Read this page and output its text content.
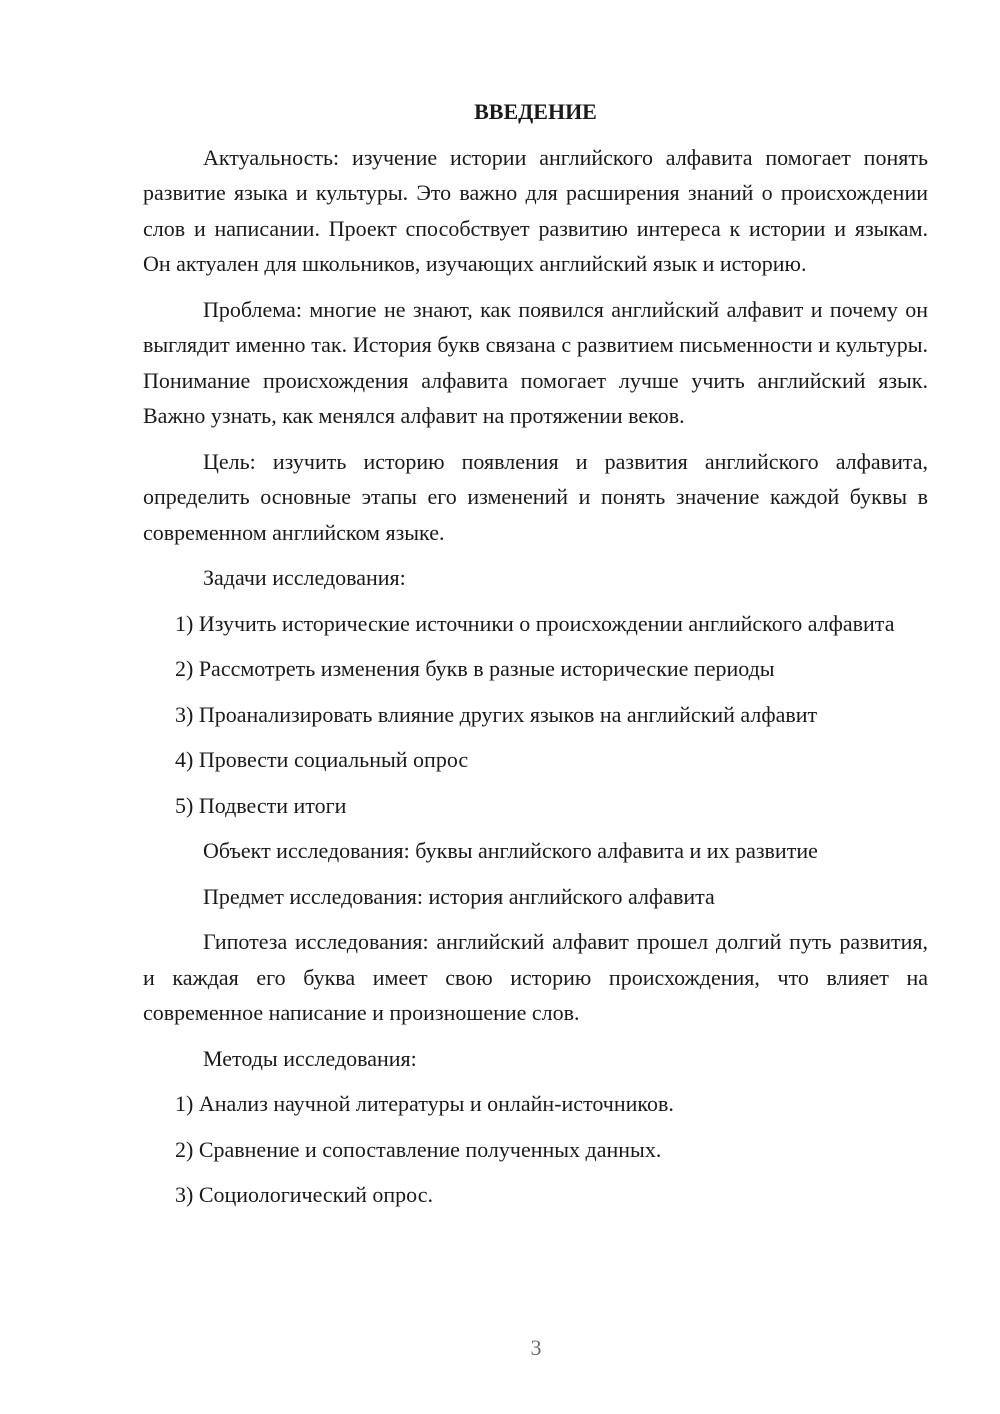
ВВЕДЕНИЕ

Актуальность: изучение истории английского алфавита помогает понять развитие языка и культуры. Это важно для расширения знаний о происхождении слов и написании. Проект способствует развитию интереса к истории и языкам. Он актуален для школьников, изучающих английский язык и историю.

Проблема: многие не знают, как появился английский алфавит и почему он выглядит именно так. История букв связана с развитием письменности и культуры. Понимание происхождения алфавита помогает лучше учить английский язык. Важно узнать, как менялся алфавит на протяжении веков.

Цель: изучить историю появления и развития английского алфавита, определить основные этапы его изменений и понять значение каждой буквы в современном английском языке.

Задачи исследования:

1) Изучить исторические источники о происхождении английского алфавита

2) Рассмотреть изменения букв в разные исторические периоды

3) Проанализировать влияние других языков на английский алфавит

4) Провести социальный опрос

5) Подвести итоги

Объект исследования: буквы английского алфавита и их развитие

Предмет исследования: история английского алфавита

Гипотеза исследования: английский алфавит прошел долгий путь развития, и каждая его буква имеет свою историю происхождения, что влияет на современное написание и произношение слов.

Методы исследования:

1) Анализ научной литературы и онлайн-источников.

2) Сравнение и сопоставление полученных данных.

3) Социологический опрос.

3
